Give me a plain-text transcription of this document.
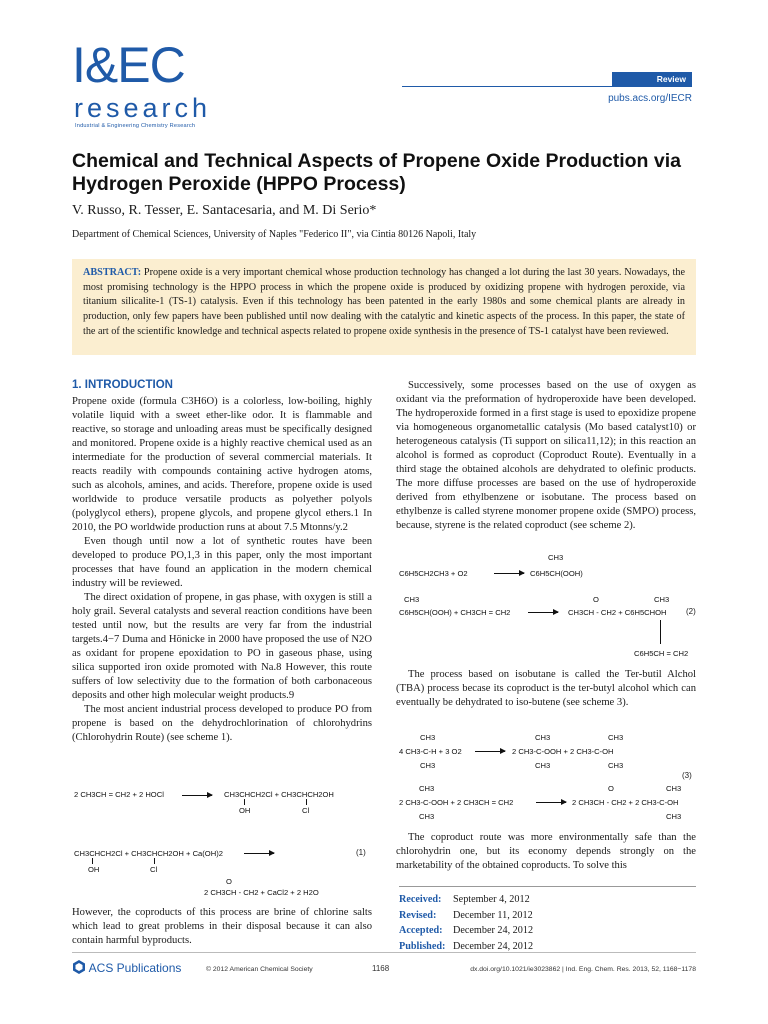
I&EC
research
Industrial & Engineering Chemistry Research
Review
pubs.acs.org/IECR
Chemical and Technical Aspects of Propene Oxide Production via Hydrogen Peroxide (HPPO Process)
V. Russo, R. Tesser, E. Santacesaria, and M. Di Serio*
Department of Chemical Sciences, University of Naples "Federico II", via Cintia 80126 Napoli, Italy
ABSTRACT: Propene oxide is a very important chemical whose production technology has changed a lot during the last 30 years. Nowadays, the most promising technology is the HPPO process in which the propene oxide is produced by oxidizing propene with hydrogen peroxide, via titanium silicalite-1 (TS-1) catalysis. Even if this technology has been patented in the early 1980s and some chemical plants are already in production, only few papers have been published until now dealing with the catalytic and kinetic aspects of the process. In this paper, the state of the art of the scientific knowledge and technical aspects related to propene oxide synthesis in the presence of TS-1 catalyst have been reviewed.
1. INTRODUCTION

Propene oxide (formula C3H6O) is a colorless, low-boiling, highly volatile liquid with a sweet ether-like odor. It is flammable and reactive, so storage and unloading areas must be specifically designed and monitored. Propene oxide is a highly reactive chemical used as an intermediate for the production of several commercial materials. It reacts readily with compounds containing active hydrogen atoms, such as alcohols, amines, and acids. Therefore, propene oxide is used worldwide to produce versatile products as polyether polyols (polyglycol ethers), propene glycols, and propene glycol ethers.1 In 2010, the PO worldwide production runs at about 7.5 Mtonns/y.2

Even though until now a lot of synthetic routes have been developed to produce PO,1,3 in this paper, only the most important processes that have found an application in the modern chemical industry will be reviewed.

The direct oxidation of propene, in gas phase, with oxygen is still a holy grail. Several catalysts and several reaction conditions have been tested until now, but the results are very far from the industrial targets.4−7 Duma and Hönicke in 2000 have proposed the use of N2O as oxidant for propene epoxidation to PO in gaseous phase, using silica supported iron oxide promoted with Na.8 However, this route suffers of low selectivity due to the formation of both carbonaceous deposits and other high molecular weight products.9

The most ancient industrial process developed to produce PO from propene is based on the dehydrochlorination of chlorohydrins (Chlorohydrin Route) (see scheme 1).

2 CH3CH = CH2 + 2 HOCl → CH3CHCH2Cl + CH3CHCH2OH
OH	Cl
CH3CHCH2Cl + CH3CHCH2OH + Ca(OH)2 →	(1)
OH	Cl
O
2 CH3CH - CH2 + CaCl2 + 2 H2O

However, the coproducts of this process are brine of chlorine salts which lead to great problems in their disposal because it can also contain harmful byproducts.

Successively, some processes based on the use of oxygen as oxidant via the preformation of hydroperoxide have been developed. The hydroperoxide formed in a first stage is used to epoxidize propene via homogeneous organometallic catalysis (Mo based catalyst10) or heterogeneous catalysis (Ti support on silica11,12); in this reaction an alcohol is formed as coproduct (Coproduct Route). Eventually in a third stage the obtained alcohols are dehydrated to olefinic products. The more diffuse processes are based on the use of hydroperoxide derived from ethylbenzene or isobutane. The process based on ethylbenze is called styrene monomer propene oxide (SMPO) process, because, styrene is the related coproduct (see scheme 2).

CH3
C6H5CH2CH3 + O2 → C6H5CH(OOH)
CH3	O	CH3
C6H5CH(OOH) + CH3CH = CH2 → CH3CH - CH2 + C6H5CHOH (2)
C6H5CH = CH2

The process based on isobutane is called the Ter-butil Alchol (TBA) process becase its coproduct is the ter-butyl alcohol which can eventually be dehydrated to iso-butene (see scheme 3).

CH3	CH3	CH3
4 CH3-C-H + 3 O2 → 2 CH3-C-OOH + 2 CH3-C-OH
CH3	CH3	CH3
(3)
CH3	O	CH3
2 CH3-C-OOH + 2 CH3CH = CH2 → 2 CH3CH - CH2 + 2 CH3-C-OH
CH3	CH3

The coproduct route was more environmentally safe than the chlorohydrin one, but its economy depends strongly on the marketability of the obtained coproducts. To solve this

Received: September 4, 2012
Revised: December 11, 2012
Accepted: December 24, 2012
Published: December 24, 2012
ACS Publications	© 2012 American Chemical Society	1168	dx.doi.org/10.1021/ie3023862 | Ind. Eng. Chem. Res. 2013, 52, 1168−1178
